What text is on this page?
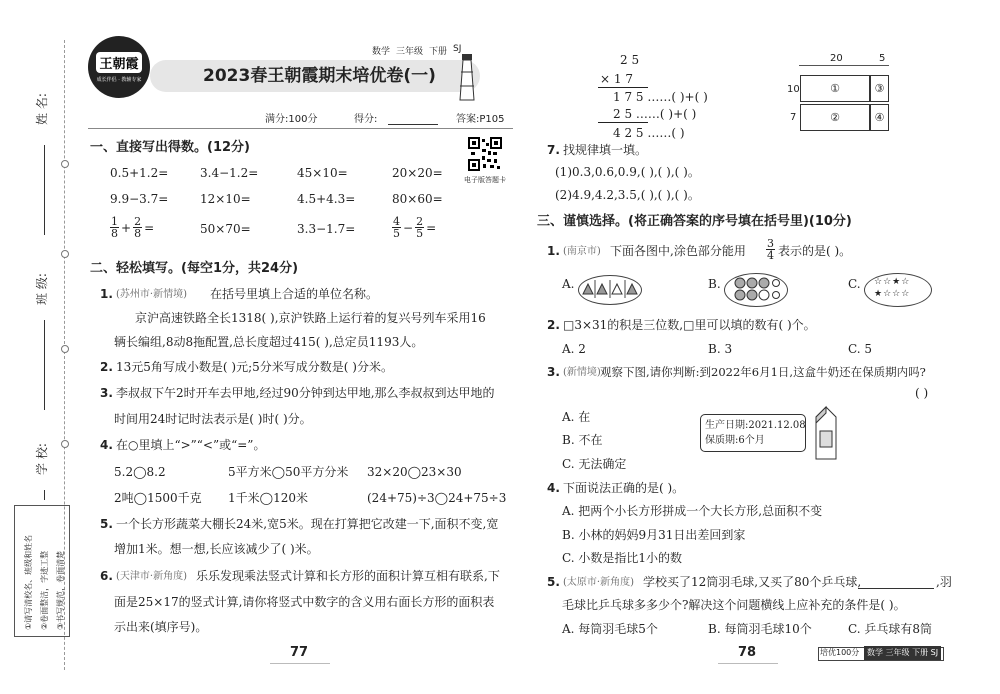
姓 名:
班 级:
学 校:
①请写清校名、班级和姓名 ②卷面整洁，字迹工整 ③书写规范，卷面清楚
王朝霞
成长伴侣 · 教辅专家
数学 三年级 下册 SJ
2023春王朝霞期末培优卷(一)
满分:100分	得分:	答案:P105
电子版答题卡
一、直接写出得数。(12分)
0.5+1.2=	3.4−1.2=	45×10=	20×20=
9.9−3.7=	12×10=	4.5+4.3=	80×60=
$\frac{1}{8} + \frac{2}{8}$ =	50×70=	3.3−1.7=	$\frac{4}{5} - \frac{2}{5}$ =
二、轻松填写。(每空1分，共24分)
1. (苏州市·新情境) 在括号里填上合适的单位名称。
京沪高速铁路全长1318( ),京沪铁路上运行着的复兴号列车采用16
辆长编组,8动8拖配置,总长度超过415( ),总定员1193人。
2. 13元5角写成小数是( )元;5分米写成分数是( )分米。
3. 李叔叔下午2时开车去甲地,经过90分钟到达甲地,那么李叔叔到达甲地的
时间用24时记时法表示是( )时( )分。
4. 在○里填上“>”“<”或“=”。
5.2◯8.2	5平方米◯50平方分米 32×20◯23×30
2吨◯1500千克 1千米◯120米	(24+75)÷3◯24+75÷3
5. 一个长方形蔬菜大棚长24米,宽5米。现在打算把它改建一下,面积不变,宽
增加1米。想一想,长应该减少了( )米。
6. (天津市·新角度) 乐乐发现乘法竖式计算和长方形的面积计算互相有联系,下
面是25×17的竖式计算,请你将竖式中数字的含义用右面长方形的面积表
示出来(填序号)。
77
2 5
× 1 7
1 7 5 ……( )+( )
2 5 ……( )+( )
4 2 5 ……( )
20	5
10
7
①	③
②	④
7. 找规律填一填。
(1)0.3,0.6,0.9,( ),( ),( )。
(2)4.9,4.2,3.5,( ),( ),( )。
三、谨慎选择。(将正确答案的序号填在括号里)(10分)
1. (南京市) 下面各图中,涂色部分能用 $\frac{3}{4}$ 表示的是( )。
A.	B.	C. ☆☆★☆
★☆☆☆
2. □3×31的积是三位数,□里可以填的数有( )个。
A. 2	B. 3	C. 5
3. (新情境) 观察下图,请你判断:到2022年6月1日,这盒牛奶还在保质期内吗?
( )
A. 在
B. 不在
C. 无法确定
生产日期:2021.12.08
保质期:6个月
4. 下面说法正确的是( )。
A. 把两个小长方形拼成一个大长方形,总面积不变
B. 小林的妈妈9月31日出差回到家
C. 小数是指比1小的数
5. (太原市·新角度) 学校买了12筒羽毛球,又买了80个乒乓球,	,羽
毛球比乒乓球多多少个?解决这个问题横线上应补充的条件是( )。
A. 每筒羽毛球5个	B. 每筒羽毛球10个	C. 乒乓球有8筒
78	培优100分 数学 三年级 下册 SJ
